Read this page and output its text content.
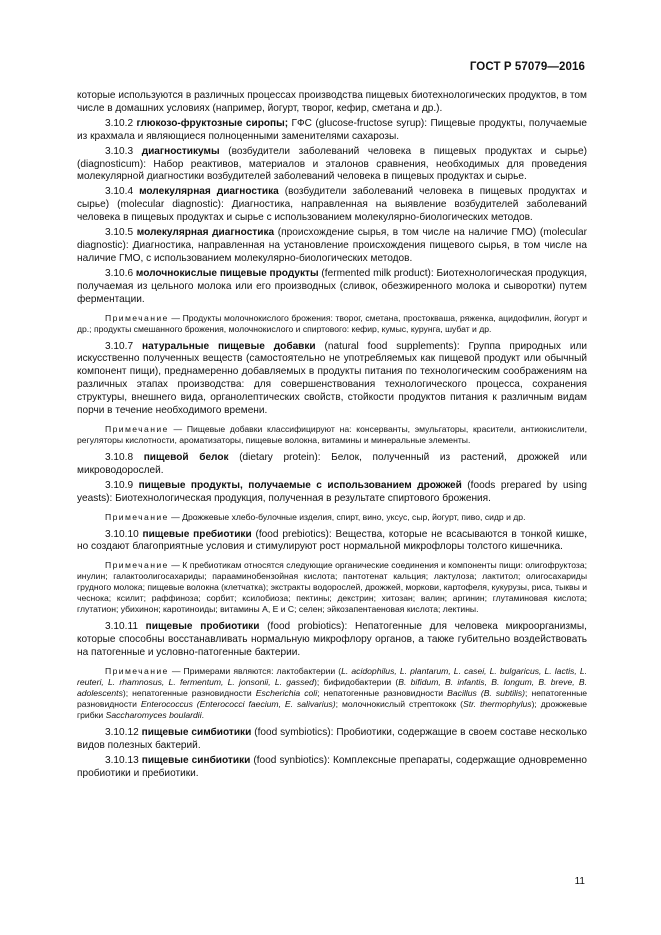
ГОСТ Р 57079—2016

которые используются в различных процессах производства пищевых биотехнологических продуктов, в том числе в домашних условиях (например, йогурт, творог, кефир, сметана и др.).

3.10.2 глюкозо-фруктозные сиропы; ГФС (glucose-fructose syrup): Пищевые продукты, получаемые из крахмала и являющиеся полноценными заменителями сахарозы.

3.10.3 диагностикумы (возбудители заболеваний человека в пищевых продуктах и сырье) (diagnosticum): Набор реактивов, материалов и эталонов сравнения, необходимых для проведения молекулярной диагностики возбудителей заболеваний человека в пищевых продуктах и сырье.

3.10.4 молекулярная диагностика (возбудители заболеваний человека в пищевых продуктах и сырье) (molecular diagnostic): Диагностика, направленная на выявление возбудителей заболеваний человека в пищевых продуктах и сырье с использованием молекулярно-биологических методов.

3.10.5 молекулярная диагностика (происхождение сырья, в том числе на наличие ГМО) (molecular diagnostic): Диагностика, направленная на установление происхождения пищевого сырья, в том числе на наличие ГМО, с использованием молекулярно-биологических методов.

3.10.6 молочнокислые пищевые продукты (fermented milk product): Биотехнологическая продукция, получаемая из цельного молока или его производных (сливок, обезжиренного молока и сыворотки) путем ферментации.

Примечание — Продукты молочнокислого брожения: творог, сметана, простокваша, ряженка, ацидофилин, йогурт и др.; продукты смешанного брожения, молочнокислого и спиртового: кефир, кумыс, курунга, шубат и др.

3.10.7 натуральные пищевые добавки (natural food supplements): Группа природных или искусственно полученных веществ (самостоятельно не употребляемых как пищевой продукт или обычный компонент пищи), преднамеренно добавляемых в продукты питания по технологическим соображениям на различных этапах производства: для совершенствования технологического процесса, сохранения структуры, внешнего вида, органолептических свойств, стойкости продуктов питания к различным видам порчи в течение необходимого времени.

Примечание — Пищевые добавки классифицируют на: консерванты, эмульгаторы, красители, антиокислители, регуляторы кислотности, ароматизаторы, пищевые волокна, витамины и минеральные элементы.

3.10.8 пищевой белок (dietary protein): Белок, полученный из растений, дрожжей или микроводорослей.

3.10.9 пищевые продукты, получаемые с использованием дрожжей (foods prepared by using yeasts): Биотехнологическая продукция, полученная в результате спиртового брожения.

Примечание — Дрожжевые хлебо-булочные изделия, спирт, вино, уксус, сыр, йогурт, пиво, сидр и др.

3.10.10 пищевые пребиотики (food prebiotics): Вещества, которые не всасываются в тонкой кишке, но создают благоприятные условия и стимулируют рост нормальной микрофлоры толстого кишечника.

Примечание — К пребиотикам относятся следующие органические соединения и компоненты пищи: олигофруктоза; инулин; галактоолигосахариды; парааминобензойная кислота; пантотенат кальция; лактулоза; лактитол; олигосахариды грудного молока; пищевые волокна (клетчатка); экстракты водорослей, дрожжей, моркови, картофеля, кукурузы, риса, тыквы и чеснока; ксилит; раффиноза; сорбит; ксилобиоза; пектины; декстрин; хитозан; валин; аргинин; глутаминовая кислота; глутатион; убихинон; каротиноиды; витамины А, Е и С; селен; эйкозапентаеновая кислота; лектины.

3.10.11 пищевые пробиотики (food probiotics): Непатогенные для человека микроорганизмы, которые способны восстанавливать нормальную микрофлору органов, а также губительно воздействовать на патогенные и условно-патогенные бактерии.

Примечание — Примерами являются: лактобактерии (L. acidophilus, L. plantarum, L. casei, L. bulgaricus, L. lactis, L. reuteri, L. rhamnosus, L. fermentum, L. jonsonii, L. gassed); бифидобактерии (B. bifidum, B. infantis, B. longum, B. breve, B. adolescents); непатогенные разновидности Escherichia coli; непатогенные разновидности Bacillus (B. subtilis); непатогенные разновидности Enterococcus (Enterococci faecium, E. salivarius); молочнокислый стрептококк (Str. thermophylus); дрожжевые грибки Saccharomyces boulardii.

3.10.12 пищевые симбиотики (food symbiotics): Пробиотики, содержащие в своем составе несколько видов полезных бактерий.

3.10.13 пищевые синбиотики (food synbiotics): Комплексные препараты, содержащие одновременно пробиотики и пребиотики.

11
